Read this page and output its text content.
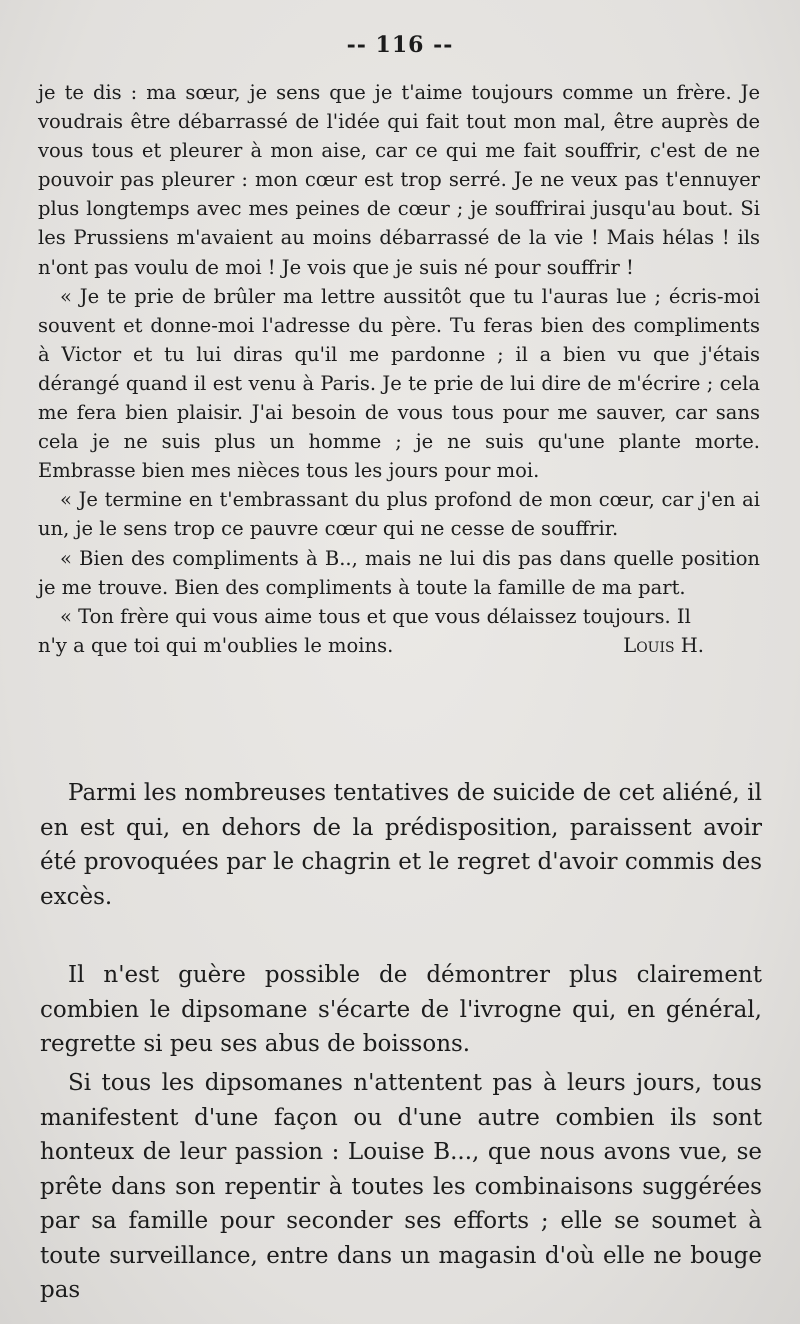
-- 116 --

je te dis : ma sœur, je sens que je t'aime toujours comme un frère. Je voudrais être débarrassé de l'idée qui fait tout mon mal, être auprès de vous tous et pleurer à mon aise, car ce qui me fait souffrir, c'est de ne pouvoir pas pleurer : mon cœur est trop serré. Je ne veux pas t'ennuyer plus longtemps avec mes peines de cœur ; je souffrirai jusqu'au bout. Si les Prussiens m'avaient au moins débarrassé de la vie ! Mais hélas ! ils n'ont pas voulu de moi ! Je vois que je suis né pour souffrir !

« Je te prie de brûler ma lettre aussitôt que tu l'auras lue ; écris-moi souvent et donne-moi l'adresse du père. Tu feras bien des compliments à Victor et tu lui diras qu'il me pardonne ; il a bien vu que j'étais dérangé quand il est venu à Paris. Je te prie de lui dire de m'écrire ; cela me fera bien plaisir. J'ai besoin de vous tous pour me sauver, car sans cela je ne suis plus un homme ; je ne suis qu'une plante morte. Embrasse bien mes nièces tous les jours pour moi.

« Je termine en t'embrassant du plus profond de mon cœur, car j'en ai un, je le sens trop ce pauvre cœur qui ne cesse de souffrir.

« Bien des compliments à B.., mais ne lui dis pas dans quelle position je me trouve. Bien des compliments à toute la famille de ma part.

« Ton frère qui vous aime tous et que vous délaissez toujours. Il

n'y a que toi qui m'oublies le moins.	Louis H.

Parmi les nombreuses tentatives de suicide de cet aliéné, il en est qui, en dehors de la prédisposition, paraissent avoir été provoquées par le chagrin et le regret d'avoir commis des excès.

Il n'est guère possible de démontrer plus clairement combien le dipsomane s'écarte de l'ivrogne qui, en général, regrette si peu ses abus de boissons.

Si tous les dipsomanes n'attentent pas à leurs jours, tous manifestent d'une façon ou d'une autre combien ils sont honteux de leur passion : Louise B..., que nous avons vue, se prête dans son repentir à toutes les combinaisons suggérées par sa famille pour seconder ses efforts ; elle se soumet à toute surveillance, entre dans un magasin d'où elle ne bouge pas
